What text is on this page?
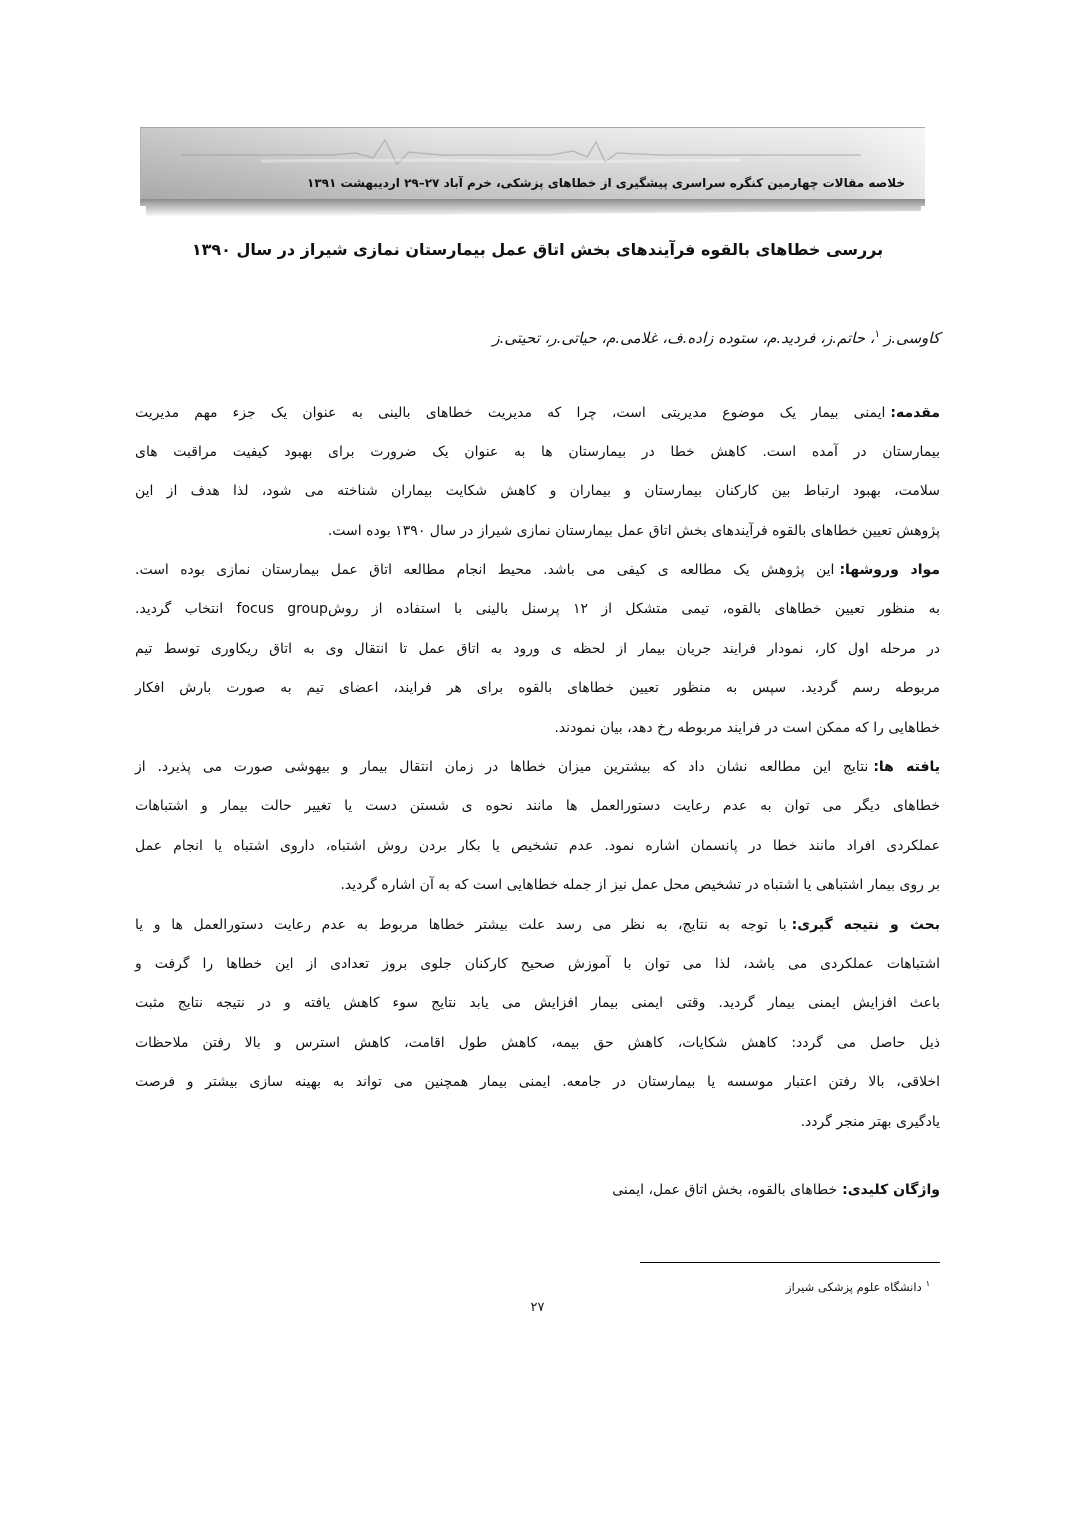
خلاصه مقالات چهارمین کنگره سراسری پیشگیری از خطاهای پزشکی، خرم آباد ۲۷–۲۹ اردیبهشت ۱۳۹۱
بررسی خطاهای بالقوه فرآیندهای بخش اتاق عمل بیمارستان نمازی شیراز در سال ۱۳۹۰
کاوسی.ز$^۱$، حاتم.ز، فردید.م، ستوده زاده.ف، غلامی.م، حیاتی.ر، تحیتی.ز
مقدمه:ایمنی بیمار یک موضوع مدیریتی است، چرا که مدیریت خطاهای بالینی به عنوان یک جزء مهم مدیریت
بیمارستان در آمده است. کاهش خطا در بیمارستان ها به عنوان یک ضرورت برای بهبود کیفیت مراقبت های
سلامت، بهبود ارتباط بین کارکنان بیمارستان و بیماران و کاهش شکایت بیماران شناخته می شود، لذا هدف از این
پژوهش تعیین خطاهای بالقوه فرآیندهای بخش اتاق عمل بیمارستان نمازی شیراز در سال ۱۳۹۰ بوده است.
مواد وروشها:این پژوهش یک مطالعه ی کیفی می باشد. محیط انجام مطالعه اتاق عمل بیمارستان نمازی بوده است.
به منظور تعیین خطاهای بالقوه، تیمی متشکل از ۱۲ پرسنل بالینی با استفاده از روشfocus group انتخاب گردید.
در مرحله اول کار، نمودار فرایند جریان بیمار از لحظه ی ورود به اتاق عمل تا انتقال وی به اتاق ریکاوری توسط تیم
مربوطه رسم گردید. سپس به منظور تعیین خطاهای بالقوه برای هر فرایند، اعضای تیم به صورت بارش افکار
خطاهایی را که ممکن است در فرایند مربوطه رخ دهد، بیان نمودند.
یافته ها:نتایج این مطالعه نشان داد که بیشترین میزان خطاها در زمان انتقال بیمار و بیهوشی صورت می پذیرد. از
خطاهای دیگر می توان به عدم رعایت دستورالعمل ها مانند نحوه ی شستن دست یا تغییر حالت بیمار و اشتباهات
عملکردی افراد مانند خطا در پانسمان اشاره نمود. عدم تشخیص یا بکار بردن روش اشتباه، داروی اشتباه یا انجام عمل
بر روی بیمار اشتباهی یا اشتباه در تشخیص محل عمل نیز از جمله خطاهایی است که به آن اشاره گردید.
بحث و نتیجه گیری:با توجه به نتایج، به نظر می رسد علت بیشتر خطاها مربوط به عدم رعایت دستورالعمل ها و یا
اشتباهات عملکردی می باشد، لذا می توان با آموزش صحیح کارکنان جلوی بروز تعدادی از این خطاها را گرفت و
باعث افزایش ایمنی بیمار گردید. وقتی ایمنی بیمار افزایش می یابد نتایج سوء کاهش یافته و در نتیجه نتایج مثبت
ذیل حاصل می گردد: کاهش شکایات، کاهش حق بیمه، کاهش طول اقامت، کاهش استرس و بالا رفتن ملاحظات
اخلاقی، بالا رفتن اعتبار موسسه یا بیمارستان در جامعه. ایمنی بیمار همچنین می تواند به بهینه سازی بیشتر و فرصت
یادگیری بهتر منجر گردد.
واژگان کلیدی:خطاهای بالقوه، بخش اتاق عمل، ایمنی
$^۱$دانشگاه علوم پزشکی شیراز
۲۷
